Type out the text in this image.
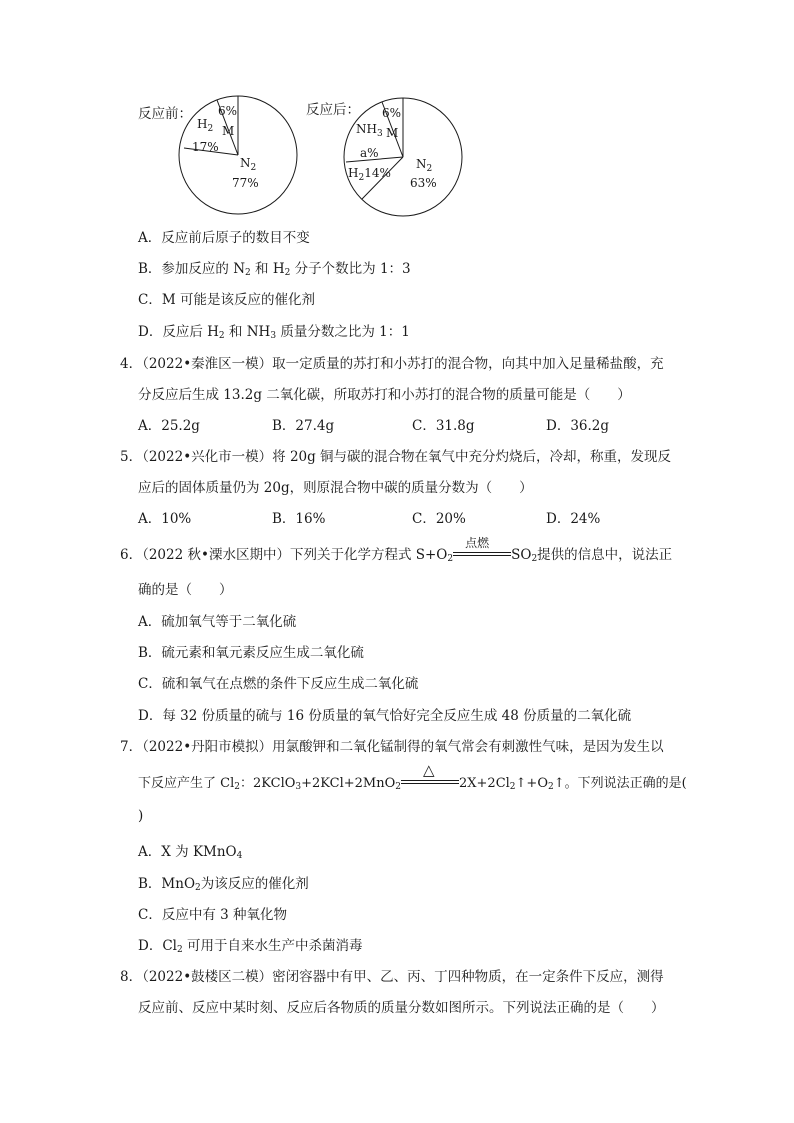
反应前：	反应后：
6%
$H_2$ M
17%
$N_2$
77%
6%
$NH_3$ M
a%
$H_214\%$
$N_2$
63%
A．反应前后原子的数目不变
B．参加反应的 $N_2$ 和 $H_2$ 分子个数比为 1：3
C．M 可能是该反应的催化剂
D．反应后 $H_2$ 和 $NH_3$ 质量分数之比为 1：1
4．（2022•秦淮区一模）取一定质量的苏打和小苏打的混合物，向其中加入足量稀盐酸，充
分反应后生成 13.2g 二氧化碳，所取苏打和小苏打的混合物的质量可能是（　　）
A．25.2g	B．27.4g	C．31.8g	D．36.2g
5．（2022•兴化市一模）将 20g 铜与碳的混合物在氧气中充分灼烧后，冷却，称重，发现反
应后的固体质量仍为 20g，则原混合物中碳的质量分数为（　　）
A．10%	B．16%	C．20%	D．24%
6．（2022 秋•溧水区期中）下列关于化学方程式 $S+O_2$
点燃
$SO_2$提供的信息中，说法正
确的是（　　）
A．硫加氧气等于二氧化硫
B．硫元素和氧元素反应生成二氧化硫
C．硫和氧气在点燃的条件下反应生成二氧化硫
D．每 32 份质量的硫与 16 份质量的氧气恰好完全反应生成 48 份质量的二氧化硫
7．（2022•丹阳市模拟）用氯酸钾和二氧化锰制得的氧气常会有刺激性气味，是因为发生以
下反应产生了 $Cl_2$：2KClO$_3$+2KCl+2MnO$_2$
△
$2X+2Cl_2↑+O_2↑$。下列说法正确的是(
)
A．X 为 KMnO$_4$
B．MnO$_2$为该反应的催化剂
C．反应中有 3 种氧化物
D．$Cl_2$ 可用于自来水生产中杀菌消毒
8．（2022•鼓楼区二模）密闭容器中有甲、乙、丙、丁四种物质，在一定条件下反应，测得
反应前、反应中某时刻、反应后各物质的质量分数如图所示。下列说法正确的是（　　）
